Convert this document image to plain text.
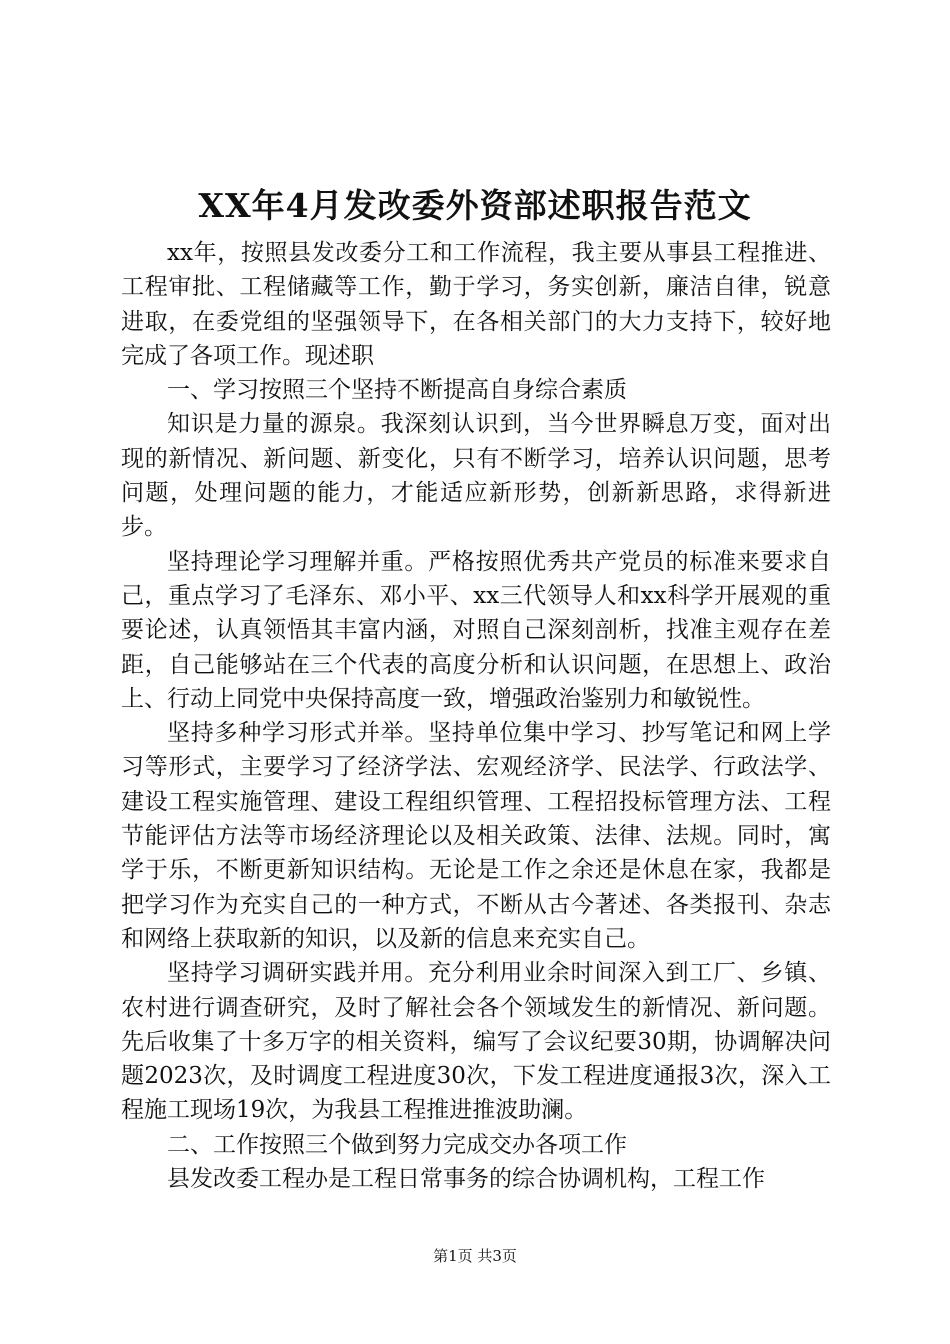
XX年4月发改委外资部述职报告范文

xx年，按照县发改委分工和工作流程，我主要从事县工程推进、工程审批、工程储藏等工作，勤于学习，务实创新，廉洁自律，锐意进取，在委党组的坚强领导下，在各相关部门的大力支持下，较好地完成了各项工作。现述职

一、学习按照三个坚持不断提高自身综合素质

知识是力量的源泉。我深刻认识到，当今世界瞬息万变，面对出现的新情况、新问题、新变化，只有不断学习，培养认识问题，思考问题，处理问题的能力，才能适应新形势，创新新思路，求得新进步。

坚持理论学习理解并重。严格按照优秀共产党员的标准来要求自己，重点学习了毛泽东、邓小平、xx三代领导人和xx科学开展观的重要论述，认真领悟其丰富内涵，对照自己深刻剖析，找准主观存在差距，自己能够站在三个代表的高度分析和认识问题，在思想上、政治上、行动上同党中央保持高度一致，增强政治鉴别力和敏锐性。

坚持多种学习形式并举。坚持单位集中学习、抄写笔记和网上学习等形式，主要学习了经济学法、宏观经济学、民法学、行政法学、建设工程实施管理、建设工程组织管理、工程招投标管理方法、工程节能评估方法等市场经济理论以及相关政策、法律、法规。同时，寓学于乐，不断更新知识结构。无论是工作之余还是休息在家，我都是把学习作为充实自己的一种方式，不断从古今著述、各类报刊、杂志和网络上获取新的知识，以及新的信息来充实自己。

坚持学习调研实践并用。充分利用业余时间深入到工厂、乡镇、农村进行调查研究，及时了解社会各个领域发生的新情况、新问题。先后收集了十多万字的相关资料，编写了会议纪要30期，协调解决问题2023次，及时调度工程进度30次，下发工程进度通报3次，深入工程施工现场19次，为我县工程推进推波助澜。

二、工作按照三个做到努力完成交办各项工作

县发改委工程办是工程日常事务的综合协调机构，工程工作

第1页 共3页
